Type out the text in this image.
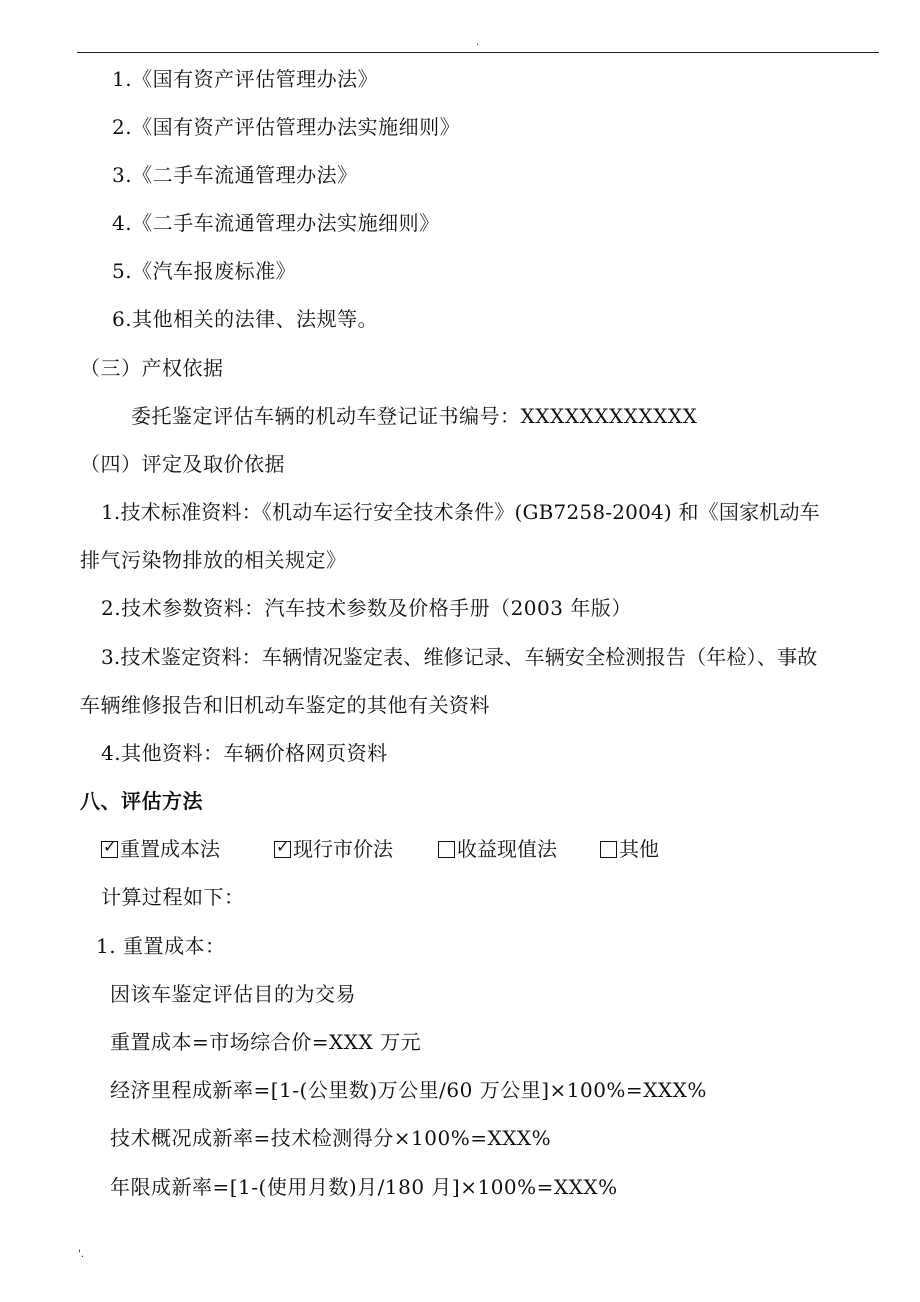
.
1.《国有资产评估管理办法》
2.《国有资产评估管理办法实施细则》
3.《二手车流通管理办法》
4.《二手车流通管理办法实施细则》
5.《汽车报废标准》
6.其他相关的法律、法规等。
（三）产权依据
委托鉴定评估车辆的机动车登记证书编号：XXXXXXXXXXXX
（四）评定及取价依据
1.技术标准资料：《机动车运行安全技术条件》(GB7258-2004) 和《国家机动车
排气污染物排放的相关规定》
2.技术参数资料：汽车技术参数及价格手册（2003 年版）
3.技术鉴定资料：车辆情况鉴定表、维修记录、车辆安全检测报告（年检）、事故
车辆维修报告和旧机动车鉴定的其他有关资料
4.其他资料：车辆价格网页资料
八、评估方法
✓ 重置成本法	✓ 现行市价法	收益现值法	其他
计算过程如下：
1. 重置成本：
因该车鉴定评估目的为交易
重置成本=市场综合价=XXX 万元
经济里程成新率=[1-(公里数)万公里/60 万公里]×100%=XXX%
技术概况成新率=技术检测得分×100%=XXX%
年限成新率=[1-(使用月数)月/180 月]×100%=XXX%
'.
